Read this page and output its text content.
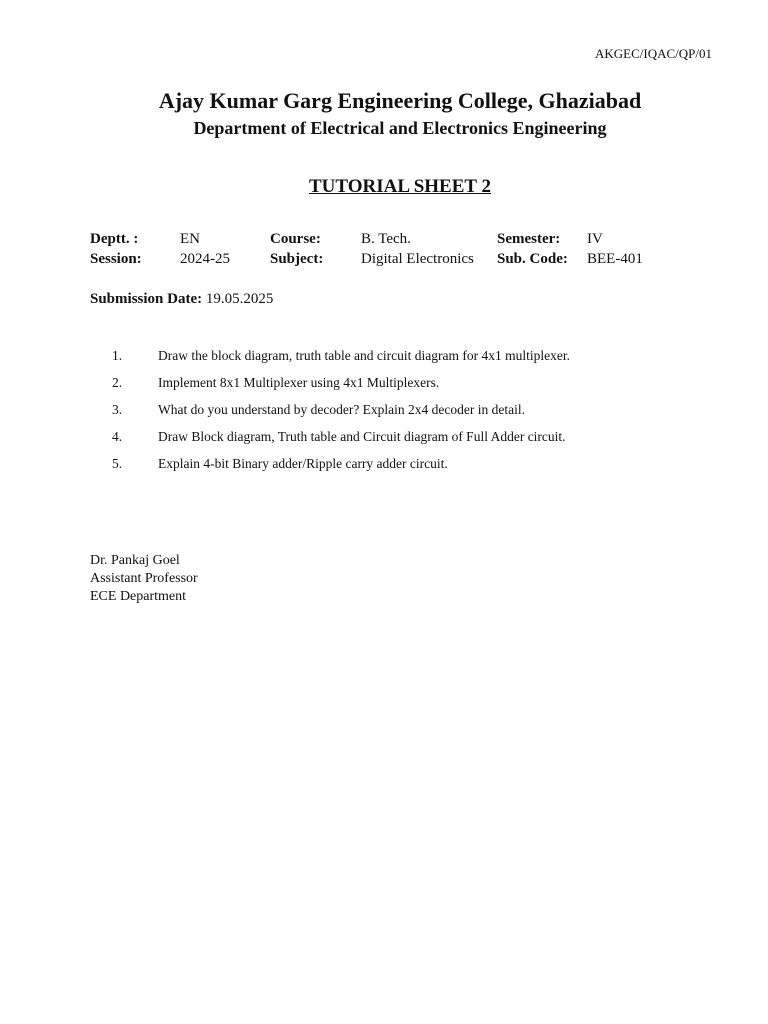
AKGEC/IQAC/QP/01
Ajay Kumar Garg Engineering College, Ghaziabad
Department of Electrical and Electronics Engineering
TUTORIAL SHEET 2
Deptt. :	EN	Course:	B. Tech.	Semester:	IV
Session:	2024-25	Subject:	Digital Electronics	Sub. Code:	BEE-401
Submission Date: 19.05.2025
1.	Draw the block diagram, truth table and circuit diagram for 4x1 multiplexer.
2.	Implement 8x1 Multiplexer using 4x1 Multiplexers.
3.	What do you understand by decoder? Explain 2x4 decoder in detail.
4.	Draw Block diagram, Truth table and Circuit diagram of Full Adder circuit.
5.	Explain 4-bit Binary adder/Ripple carry adder circuit.
Dr. Pankaj Goel
Assistant Professor
ECE Department
